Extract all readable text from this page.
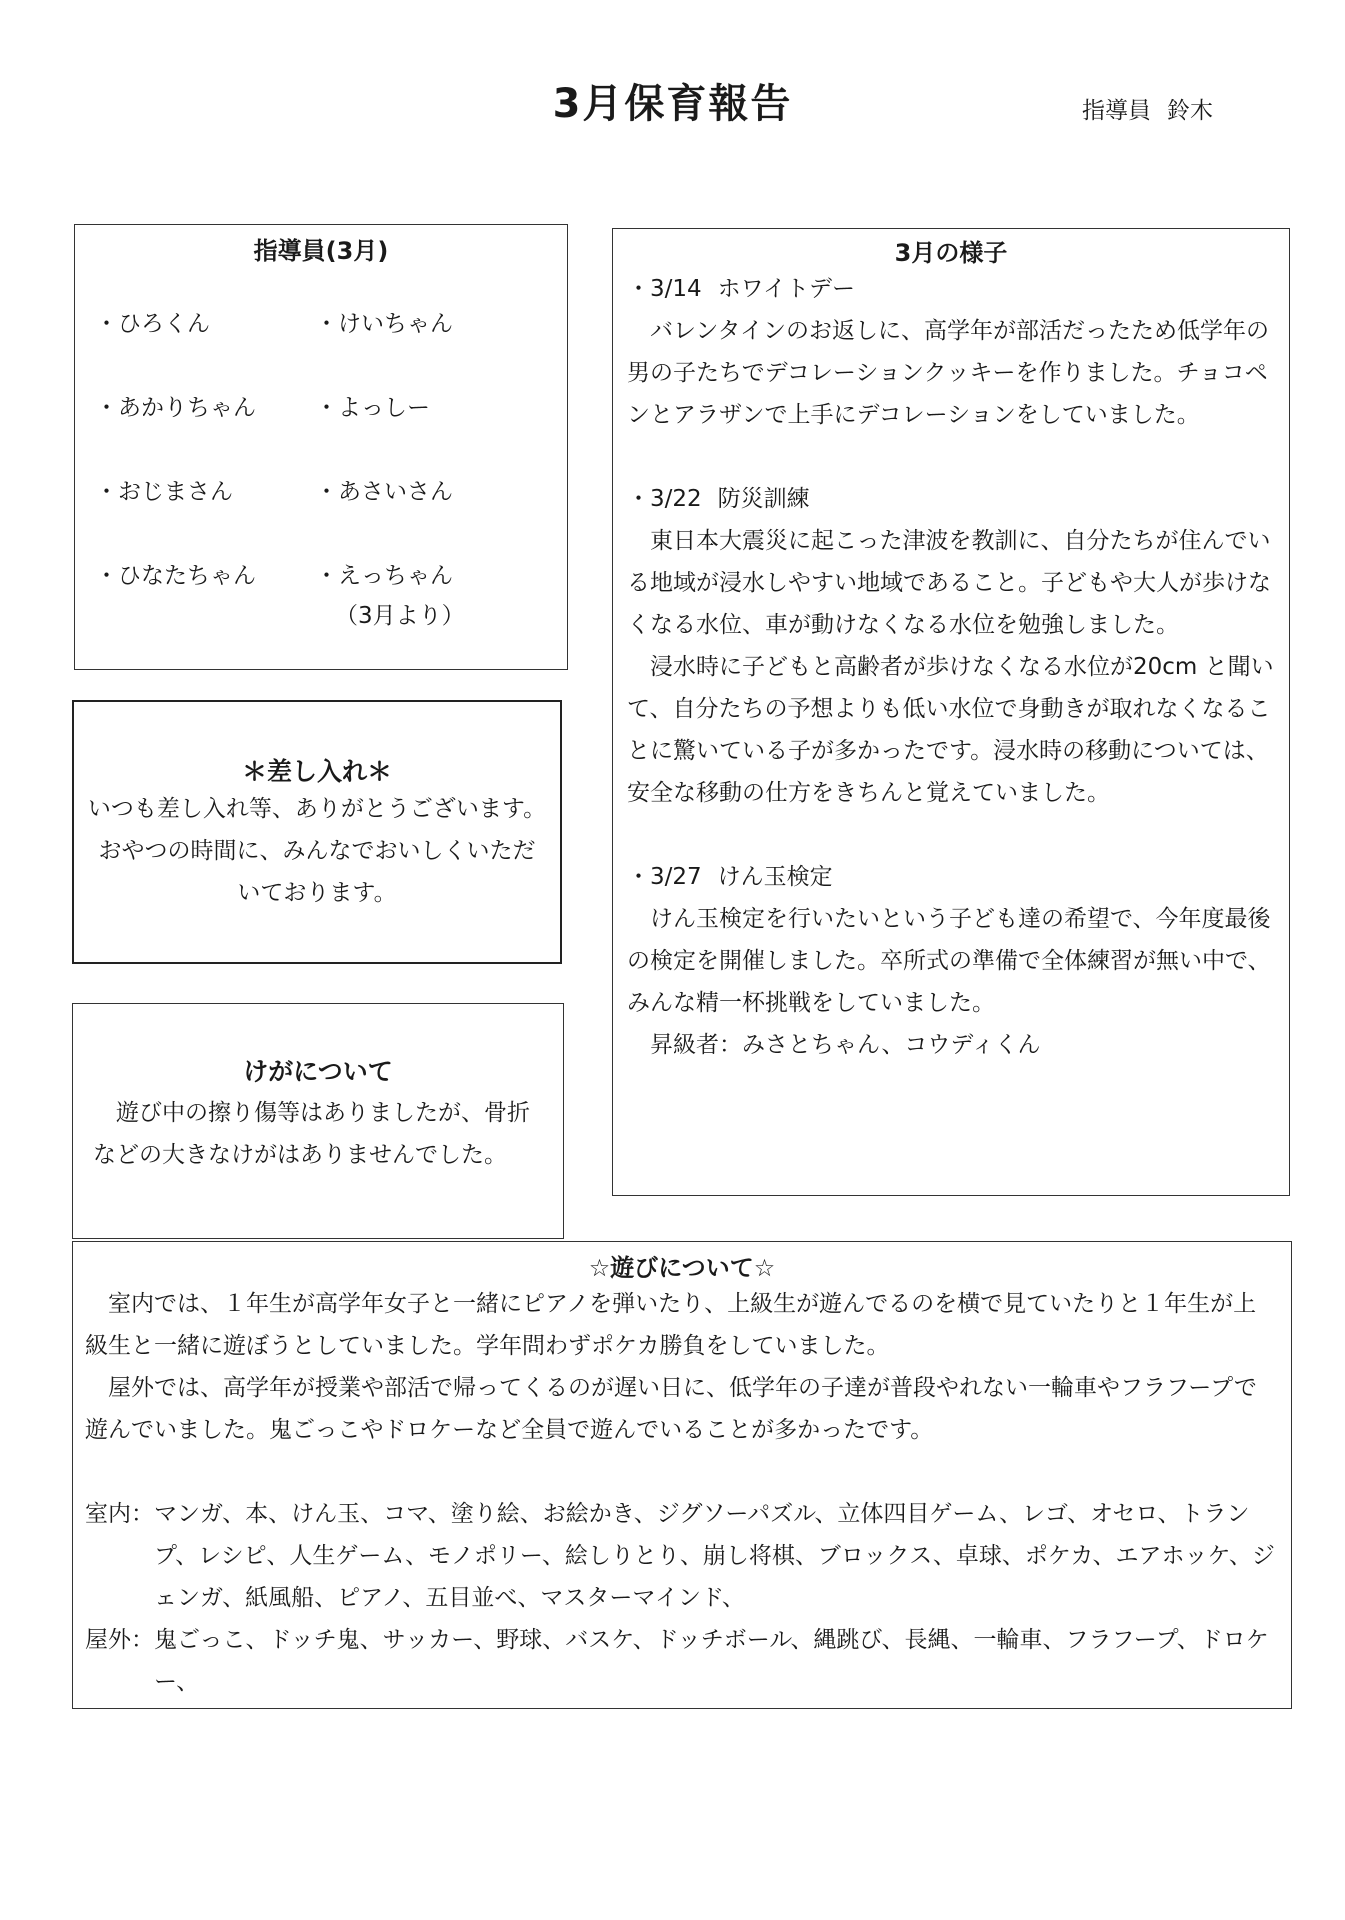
3月保育報告	指導員 鈴木
指導員(3月)
・ひろくん
・あかりちゃん
・おじまさん
・ひなたちゃん
・けいちゃん
・よっしー
・あさいさん
・えっちゃん
（3月より）
＊差し入れ＊
いつも差し入れ等、ありがとうございます。
おやつの時間に、みんなでおいしくいただ
いております。
けがについて
遊び中の擦り傷等はありましたが、骨折などの大きなけがはありませんでした。
3月の様子
・3/14 ホワイトデー

バレンタインのお返しに、高学年が部活だったため低学年の男の子たちでデコレーションクッキーを作りました。チョコペンとアラザンで上手にデコレーションをしていました。

・3/22 防災訓練

東日本大震災に起こった津波を教訓に、自分たちが住んでいる地域が浸水しやすい地域であること。子どもや大人が歩けなくなる水位、車が動けなくなる水位を勉強しました。

浸水時に子どもと高齢者が歩けなくなる水位が20cm と聞いて、自分たちの予想よりも低い水位で身動きが取れなくなることに驚いている子が多かったです。浸水時の移動については、安全な移動の仕方をきちんと覚えていました。

・3/27 けん玉検定

けん玉検定を行いたいという子ども達の希望で、今年度最後の検定を開催しました。卒所式の準備で全体練習が無い中で、みんな精一杯挑戦をしていました。

昇級者：みさとちゃん、コウディくん

☆遊びについて☆
室内では、１年生が高学年女子と一緒にピアノを弾いたり、上級生が遊んでるのを横で見ていたりと１年生が上級生と一緒に遊ぼうとしていました。学年問わずポケカ勝負をしていました。
屋外では、高学年が授業や部活で帰ってくるのが遅い日に、低学年の子達が普段やれない一輪車やフラフープで遊んでいました。鬼ごっこやドロケーなど全員で遊んでいることが多かったです。
室内： マンガ、本、けん玉、コマ、塗り絵、お絵かき、ジグソーパズル、立体四目ゲーム、レゴ、オセロ、トランプ、レシピ、人生ゲーム、モノポリー、絵しりとり、崩し将棋、ブロックス、卓球、ポケカ、エアホッケ、ジェンガ、紙風船、ピアノ、五目並べ、マスターマインド、
屋外： 鬼ごっこ、ドッチ鬼、サッカー、野球、バスケ、ドッチボール、縄跳び、長縄、一輪車、フラフープ、ドロケー、
